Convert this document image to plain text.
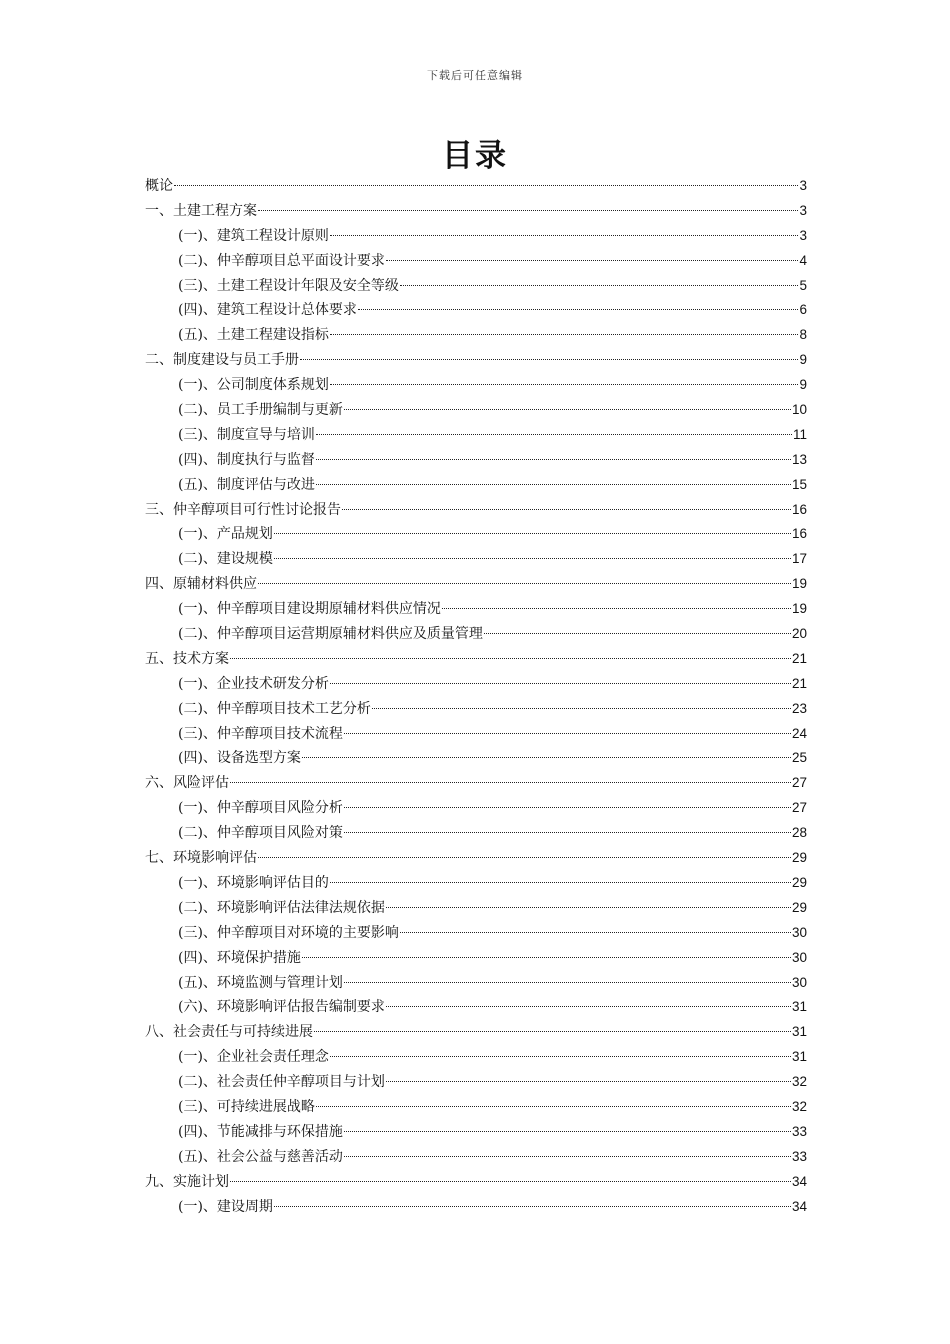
下载后可任意编辑
目录
概论	3
一、土建工程方案	3
(一)、建筑工程设计原则	3
(二)、仲辛醇项目总平面设计要求	4
(三)、土建工程设计年限及安全等级	5
(四)、建筑工程设计总体要求	6
(五)、土建工程建设指标	8
二、制度建设与员工手册	9
(一)、公司制度体系规划	9
(二)、员工手册编制与更新	10
(三)、制度宣导与培训	11
(四)、制度执行与监督	13
(五)、制度评估与改进	15
三、仲辛醇项目可行性讨论报告	16
(一)、产品规划	16
(二)、建设规模	17
四、原辅材料供应	19
(一)、仲辛醇项目建设期原辅材料供应情况	19
(二)、仲辛醇项目运营期原辅材料供应及质量管理	20
五、技术方案	21
(一)、企业技术研发分析	21
(二)、仲辛醇项目技术工艺分析	23
(三)、仲辛醇项目技术流程	24
(四)、设备选型方案	25
六、风险评估	27
(一)、仲辛醇项目风险分析	27
(二)、仲辛醇项目风险对策	28
七、环境影响评估	29
(一)、环境影响评估目的	29
(二)、环境影响评估法律法规依据	29
(三)、仲辛醇项目对环境的主要影响	30
(四)、环境保护措施	30
(五)、环境监测与管理计划	30
(六)、环境影响评估报告编制要求	31
八、社会责任与可持续进展	31
(一)、企业社会责任理念	31
(二)、社会责任仲辛醇项目与计划	32
(三)、可持续进展战略	32
(四)、节能减排与环保措施	33
(五)、社会公益与慈善活动	33
九、实施计划	34
(一)、建设周期	34
